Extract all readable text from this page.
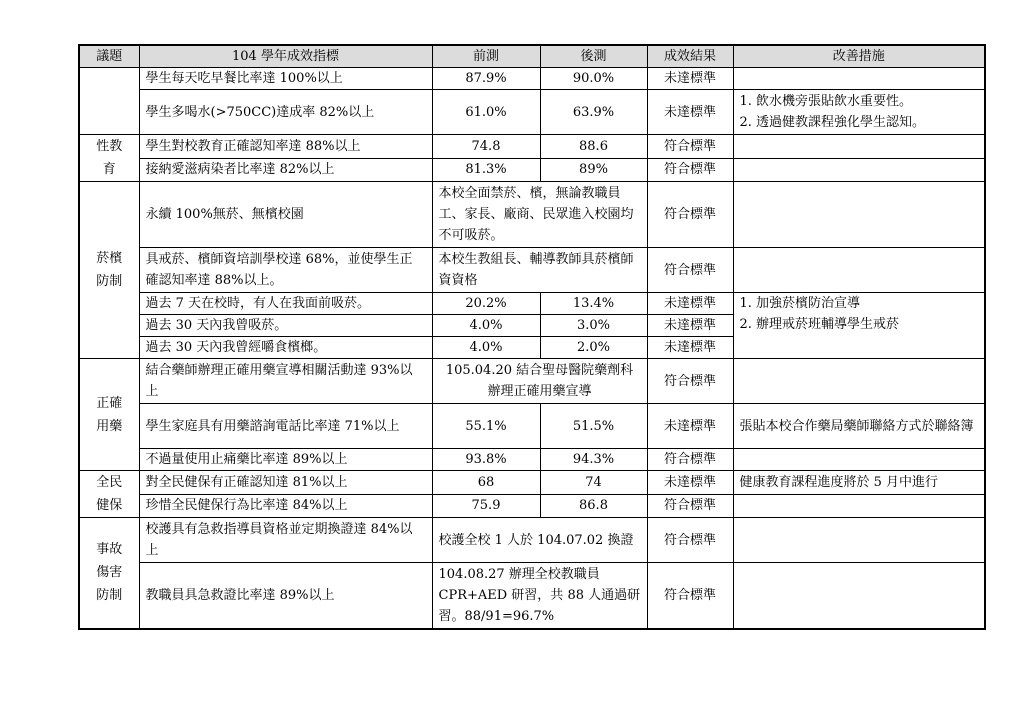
議題	104 學年成效指標	前測	後測	成效結果	改善措施
	學生每天吃早餐比率達 100%以上	87.9%	90.0%	未達標準	
	學生多喝水(>750CC)達成率 82%以上	61.0%	63.9%	未達標準	1. 飲水機旁張貼飲水重要性。
2. 透過健教課程強化學生認知。
性教
育	學生對校教育正確認知率達 88%以上	74.8	88.6	符合標準	
	接納愛滋病染者比率達 82%以上	81.3%	89%	符合標準	
菸檳
防制	永續 100%無菸、無檳校園	本校全面禁菸、檳，無論教職員工、家長、廠商、民眾進入校園均不可吸菸。		符合標準	
	具戒菸、檳師資培訓學校達 68%，並使學生正確認知率達 88%以上。	本校生教組長、輔導教師具菸檳師資資格		符合標準	
	過去 7 天在校時，有人在我面前吸菸。	20.2%	13.4%	未達標準	1. 加強菸檳防治宣導
2. 辦理戒菸班輔導學生戒菸
	過去 30 天內我曾吸菸。	4.0%	3.0%	未達標準	
	過去 30 天內我曾經嚼食檳榔。	4.0%	2.0%	未達標準	
正確
用藥	結合藥師辦理正確用藥宣導相關活動達 93%以上	105.04.20 結合聖母醫院藥劑科
辦理正確用藥宣導		符合標準	
	學生家庭具有用藥諮詢電話比率達 71%以上	55.1%	51.5%	未達標準	張貼本校合作藥局藥師聯絡方式於聯絡簿
	不過量使用止痛藥比率達 89%以上	93.8%	94.3%	符合標準	
全民
健保	對全民健保有正確認知達 81%以上	68	74	未達標準	健康教育課程進度將於 5 月中進行
	珍惜全民健保行為比率達 84%以上	75.9	86.8	符合標準	
事故
傷害
防制	校護具有急救指導員資格並定期換證達 84%以上	校護全校 1 人於 104.07.02 換證		符合標準	
	教職員具急救證比率達 89%以上	104.08.27 辦理全校教職員 CPR+AED 研習，共 88 人通過研習。88/91=96.7%		符合標準	
